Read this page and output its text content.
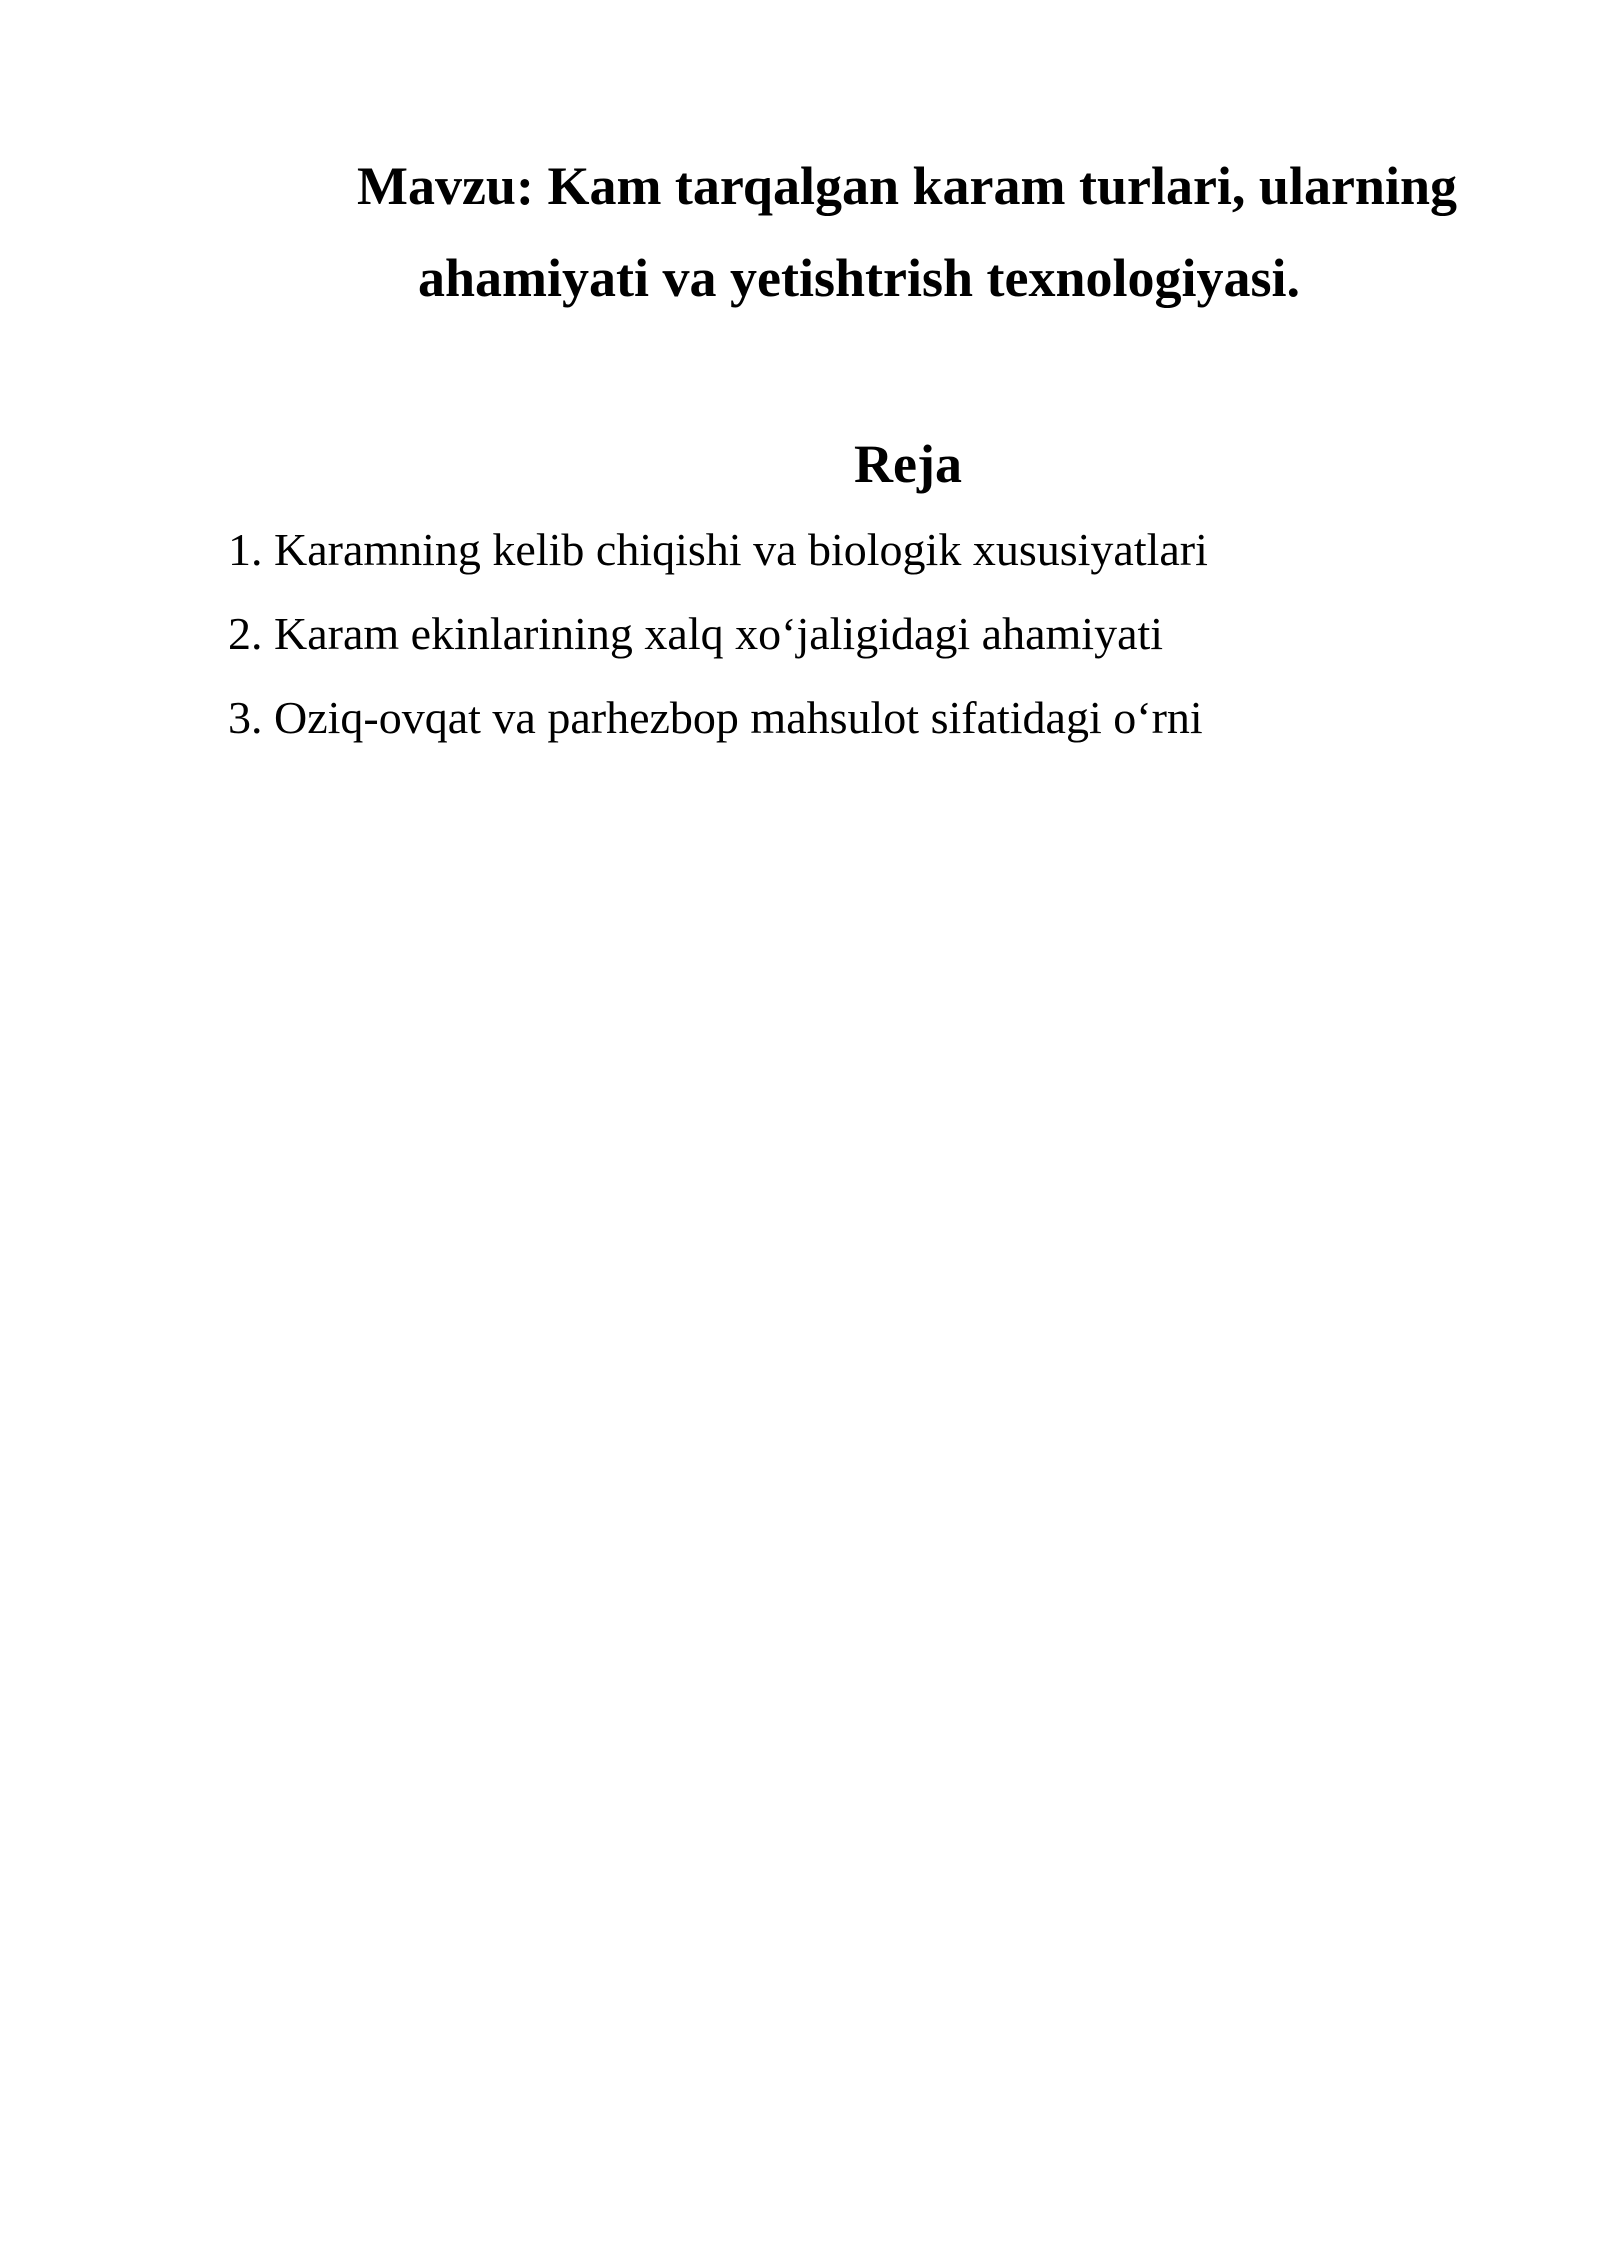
Mavzu: Kam tarqalgan karam turlari, ularning
ahamiyati va yetishtrish texnologiyasi.
Reja
1. Karamning kelib chiqishi va biologik xususiyatlari
2. Karam ekinlarining xalq xo‘jaligidagi ahamiyati
3. Oziq-ovqat va parhezbop mahsulot sifatidagi o‘rni
